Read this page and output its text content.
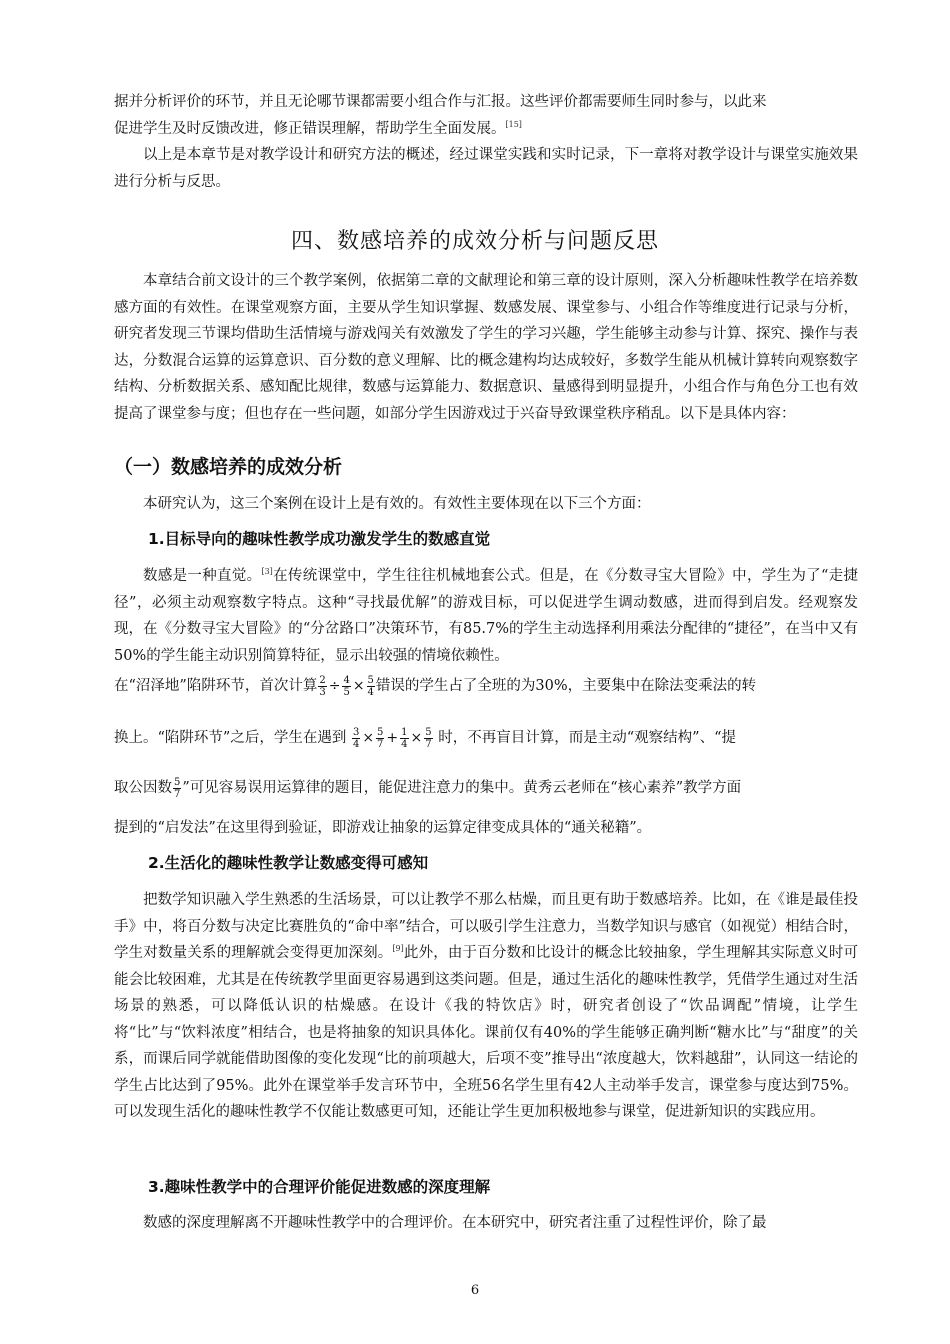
据并分析评价的环节，并且无论哪节课都需要小组合作与汇报。这些评价都需要师生同时参与，以此来
促进学生及时反馈改进，修正错误理解，帮助学生全面发展。[15]

以上是本章节是对教学设计和研究方法的概述，经过课堂实践和实时记录，下一章将对教学设计与课堂实施效果进行分析与反思。

四、数感培养的成效分析与问题反思

本章结合前文设计的三个教学案例，依据第二章的文献理论和第三章的设计原则，深入分析趣味性教学在培养数感方面的有效性。在课堂观察方面，主要从学生知识掌握、数感发展、课堂参与、小组合作等维度进行记录与分析，研究者发现三节课均借助生活情境与游戏闯关有效激发了学生的学习兴趣，学生能够主动参与计算、探究、操作与表达，分数混合运算的运算意识、百分数的意义理解、比的概念建构均达成较好，多数学生能从机械计算转向观察数字结构、分析数据关系、感知配比规律，数感与运算能力、数据意识、量感得到明显提升，小组合作与角色分工也有效提高了课堂参与度；但也存在一些问题，如部分学生因游戏过于兴奋导致课堂秩序稍乱。以下是具体内容：

（一）数感培养的成效分析

本研究认为，这三个案例在设计上是有效的。有效性主要体现在以下三个方面：

1.目标导向的趣味性教学成功激发学生的数感直觉

数感是一种直觉。[3]在传统课堂中，学生往往机械地套公式。但是，在《分数寻宝大冒险》中，学生为了“走捷径”，必须主动观察数字特点。这种“寻找最优解”的游戏目标，可以促进学生调动数感，进而得到启发。经观察发现，在《分数寻宝大冒险》的“分岔路口”决策环节，有85.7%的学生主动选择利用乘法分配律的“捷径”，在当中又有50%的学生能主动识别简算特征，显示出较强的情境依赖性。

在“沼泽地”陷阱环节，首次计算 $\frac{2}{3} \div \frac{4}{5} \times \frac{5}{4}$ 错误的学生占了全班的为30%，主要集中在除法变乘法的转
换上。“陷阱环节”之后，学生在遇到 $\frac{3}{4} \times \frac{5}{7} + \frac{1}{4} \times \frac{5}{7}$ 时，不再盲目计算，而是主动“观察结构”、“提
取公因数 $\frac{5}{7}$ ”可见容易误用运算律的题目，能促进注意力的集中。黄秀云老师在“核心素养”教学方面
提到的“启发法”在这里得到验证，即游戏让抽象的运算定律变成具体的“通关秘籍”。
2.生活化的趣味性教学让数感变得可感知

把数学知识融入学生熟悉的生活场景，可以让教学不那么枯燥，而且更有助于数感培养。比如，在《谁是最佳投手》中，将百分数与决定比赛胜负的“命中率”结合，可以吸引学生注意力，当数学知识与感官（如视觉）相结合时，学生对数量关系的理解就会变得更加深刻。[9]此外，由于百分数和比设计的概念比较抽象，学生理解其实际意义时可能会比较困难，尤其是在传统教学里面更容易遇到这类问题。但是，通过生活化的趣味性教学，凭借学生通过对生活场景的熟悉，可以降低认识的枯燥感。在设计《我的特饮店》时，研究者创设了“饮品调配”情境，让学生将“比”与“饮料浓度”相结合，也是将抽象的知识具体化。课前仅有40%的学生能够正确判断“糖水比”与“甜度”的关系，而课后同学就能借助图像的变化发现“比的前项越大，后项不变”推导出“浓度越大，饮料越甜”，认同这一结论的学生占比达到了95%。此外在课堂举手发言环节中，全班56名学生里有42人主动举手发言，课堂参与度达到75%。可以发现生活化的趣味性教学不仅能让数感更可知，还能让学生更加积极地参与课堂，促进新知识的实践应用。

3.趣味性教学中的合理评价能促进数感的深度理解

数感的深度理解离不开趣味性教学中的合理评价。在本研究中，研究者注重了过程性评价，除了最

6
